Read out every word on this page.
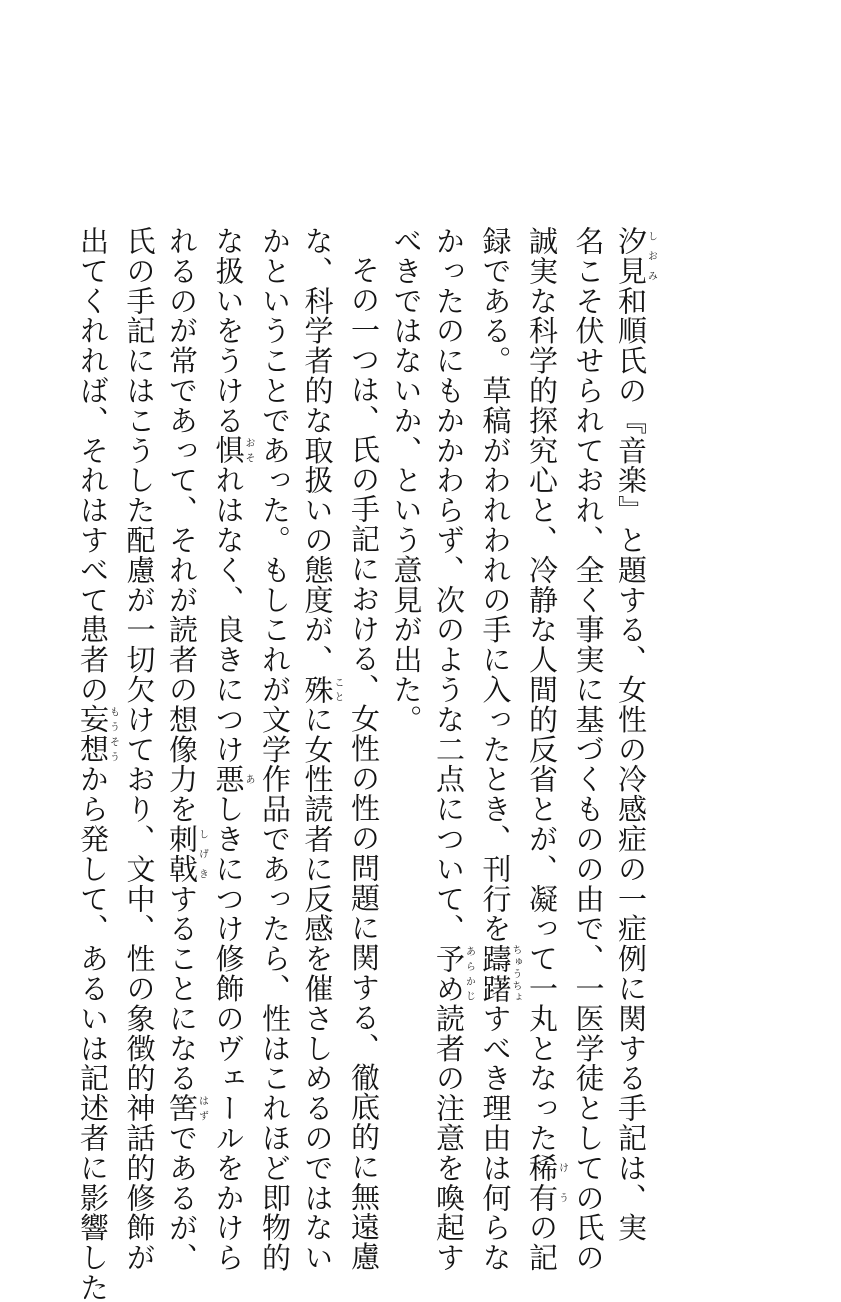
汐見しおみ和順氏の『音楽』と題する、女性の冷感症の一症例に関する手記は、実
名こそ伏せられておれ、全く事実に基づくものの由で、一医学徒としての氏の
誠実な科学的探究心と、冷静な人間的反省とが、凝って一丸となった稀有けうの記
録である。草稿がわれわれの手に入ったとき、刊行を躊躇ちゅうちょすべき理由は何らな
かったのにもかかわらず、次のような二点について、予めあらかじ読者の注意を喚起す
べきではないか、という意見が出た。
その一つは、氏の手記における、女性の性の問題に関する、徹底的に無遠慮
な、科学者的な取扱いの態度が、殊ことに女性読者に反感を催さしめるのではない
かということであった。もしこれが文学作品であったら、性はこれほど即物的
な扱いをうける惧おそれはなく、良きにつけ悪あしきにつけ修飾のヴェールをかけら
れるのが常であって、それが読者の想像力を刺戟しげきすることになる筈はずであるが、
氏の手記にはこうした配慮が一切欠けており、文中、性の象徴的神話的修飾が
出てくれれば、それはすべて患者の妄想もうそうから発して、あるいは記述者に影響した
